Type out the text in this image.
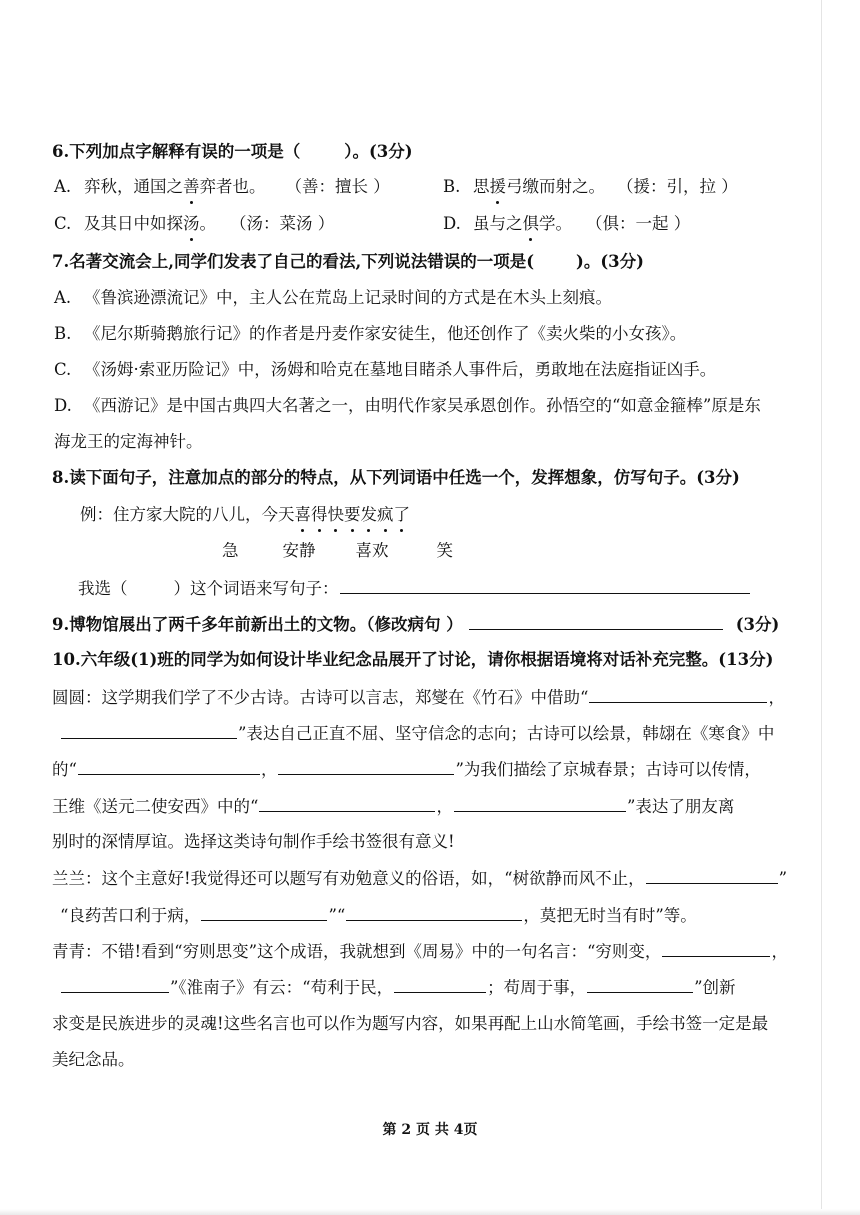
6.下列加点字解释有误的一项是（	）。(3分)
A. 弈秋，通国之善弈者也。 （善：擅长 ）	B. 思援弓缴而射之。 （援：引，拉 ）
C. 及其日中如探汤。 （汤：菜汤 ）	D. 虽与之俱学。 （俱：一起 ）
7.名著交流会上,同学们发表了自己的看法,下列说法错误的一项是(	)。(3分)
A. 《鲁滨逊漂流记》中，主人公在荒岛上记录时间的方式是在木头上刻痕。
B. 《尼尔斯骑鹅旅行记》的作者是丹麦作家安徒生，他还创作了《卖火柴的小女孩》。
C. 《汤姆·索亚历险记》中，汤姆和哈克在墓地目睹杀人事件后，勇敢地在法庭指证凶手。
D. 《西游记》是中国古典四大名著之一，由明代作家吴承恩创作。孙悟空的“如意金箍棒”原是东
海龙王的定海神针。
8.读下面句子，注意加点的部分的特点，从下列词语中任选一个，发挥想象，仿写句子。(3分)
例：住方家大院的八儿，今天喜得快要发疯了
急	安静 喜欢	笑
我选（	）这个词语来写句子：
9.博物馆展出了两千多年前新出土的文物。（修改病句 ）	(3分)
10.六年级(1)班的同学为如何设计毕业纪念品展开了讨论，请你根据语境将对话补充完整。(13分)
圆圆：这学期我们学了不少古诗。古诗可以言志，郑燮在《竹石》中借助“	，
”表达自己正直不屈、坚守信念的志向；古诗可以绘景，韩翃在《寒食》中
的“	，	”为我们描绘了京城春景；古诗可以传情，
王维《送元二使安西》中的“	，	”表达了朋友离
别时的深情厚谊。选择这类诗句制作手绘书签很有意义!
兰兰：这个主意好!我觉得还可以题写有劝勉意义的俗语，如，“树欲静而风不止，	”
“良药苦口利于病，	”“	，莫把无时当有时”等。
青青：不错!看到“穷则思变”这个成语，我就想到《周易》中的一句名言：“穷则变，	，
”《淮南子》有云：“苟利于民，	；苟周于事，	”创新
求变是民族进步的灵魂!这些名言也可以作为题写内容，如果再配上山水简笔画，手绘书签一定是最
美纪念品。
第 2 页 共 4页
